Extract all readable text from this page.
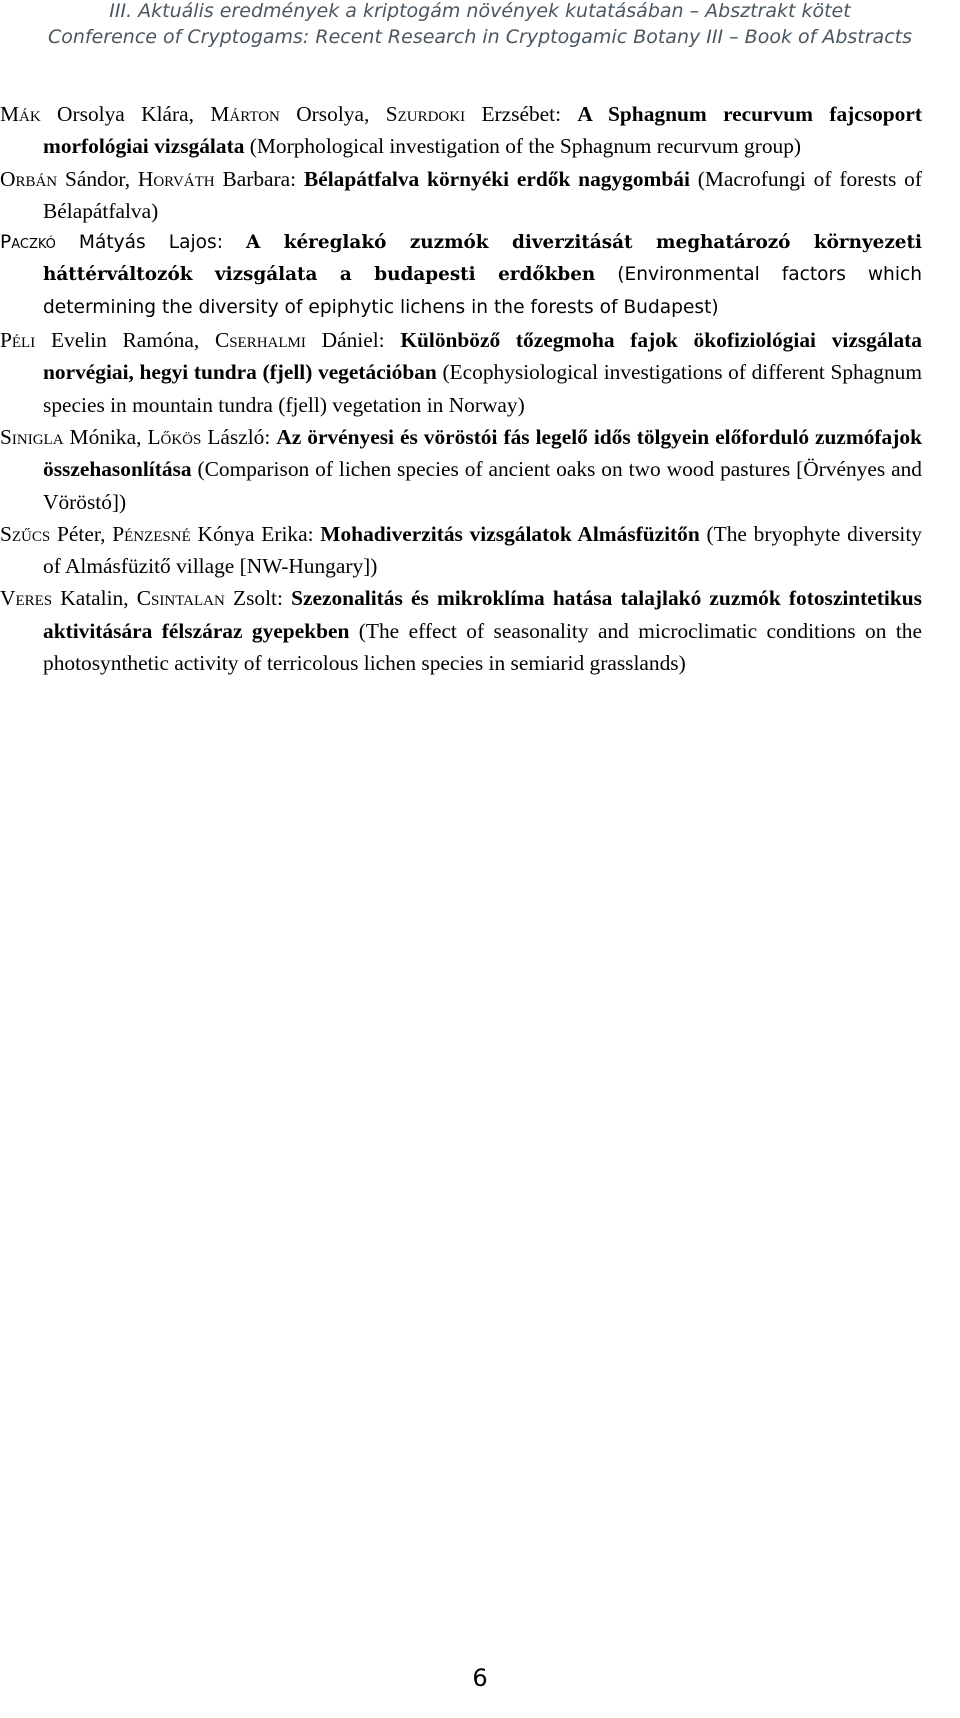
III. Aktuális eredmények a kriptogám növények kutatásában – Absztrakt kötet
Conference of Cryptogams: Recent Research in Cryptogamic Botany III – Book of Abstracts

Mák Orsolya Klára, Márton Orsolya, Szurdoki Erzsébet: A Sphagnum recurvum fajcsoport morfológiai vizsgálata (Morphological investigation of the Sphagnum recurvum group)

Orbán Sándor, Horváth Barbara: Bélapátfalva környéki erdők nagygombái (Macrofungi of forests of Bélapátfalva)

Paczkó Mátyás Lajos: A kéreglakó zuzmók diverzitását meghatározó környezeti háttérváltozók vizsgálata a budapesti erdőkben (Environmental factors which determining the diversity of epiphytic lichens in the forests of Budapest)

Péli Evelin Ramóna, Cserhalmi Dániel: Különböző tőzegmoha fajok ökofiziológiai vizsgálata norvégiai, hegyi tundra (fjell) vegetációban (Ecophysiological investigations of different Sphagnum species in mountain tundra (fjell) vegetation in Norway)

Sinigla Mónika, Lőkös László: Az örvényesi és vöröstói fás legelő idős tölgyein előforduló zuzmófajok összehasonlítása (Comparison of lichen species of ancient oaks on two wood pastures [Örvényes and Vöröstó])

Szűcs Péter, Pénzesné Kónya Erika: Mohadiverzitás vizsgálatok Almásfüzitőn (The bryophyte diversity of Almásfüzitő village [NW-Hungary])

Veres Katalin, Csintalan Zsolt: Szezonalitás és mikroklíma hatása talajlakó zuzmók fotoszintetikus aktivitására félszáraz gyepekben (The effect of seasonality and microclimatic conditions on the photosynthetic activity of terricolous lichen species in semiarid grasslands)

6
